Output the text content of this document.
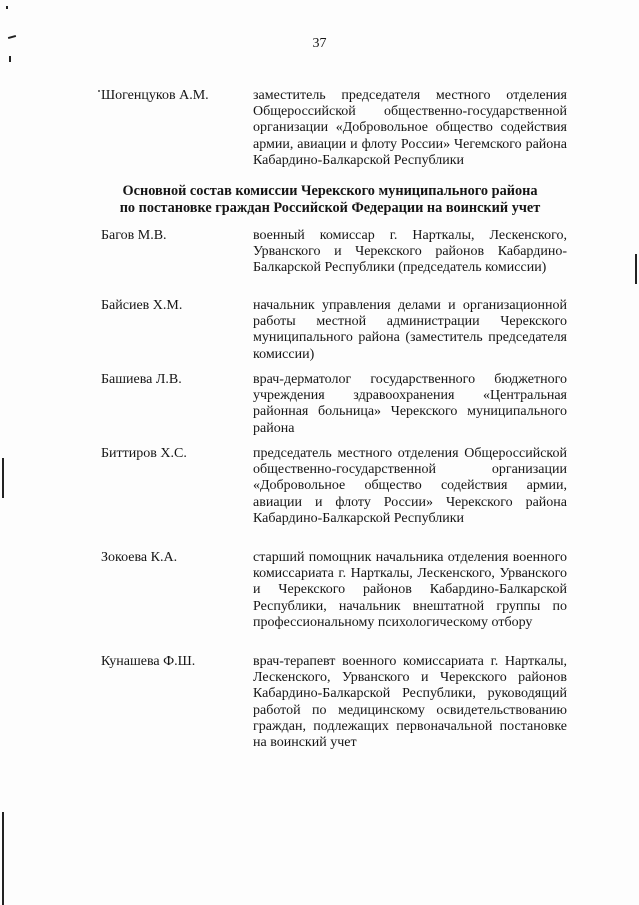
37
Шогенцуков А.М.	заместитель председателя местного отделения Общероссийской общественно-государственной организации «Добровольное общество содействия армии, авиации и флоту России» Чегемского района Кабардино-Балкарской Республики
Основной состав комиссии Черекского муниципального района
по постановке граждан Российской Федерации на воинский учет
Багов М.В.	военный комиссар г. Нарткалы, Лескенского, Урванского и Черекского районов Кабардино-Балкарской Республики (председатель комиссии)
Байсиев Х.М.	начальник управления делами и организационной работы местной администрации Черекского муниципального района (заместитель председателя комиссии)
Башиева Л.В.	врач-дерматолог государственного бюджетного учреждения здравоохранения «Центральная районная больница» Черекского муниципального района
Биттиров Х.С.	председатель местного отделения Общероссийской общественно-государственной организации «Добровольное общество содействия армии, авиации и флоту России» Черекского района Кабардино-Балкарской Республики
Зокоева К.А.	старший помощник начальника отделения военного комиссариата г. Нарткалы, Лескенского, Урванского и Черекского районов Кабардино-Балкарской Республики, начальник внештатной группы по профессиональному психологическому отбору
Кунашева Ф.Ш.	врач-терапевт военного комиссариата г. Нарткалы, Лескенского, Урванского и Черекского районов Кабардино-Балкарской Республики, руководящий работой по медицинскому освидетельствованию граждан, подлежащих первоначальной постановке на воинский учет
